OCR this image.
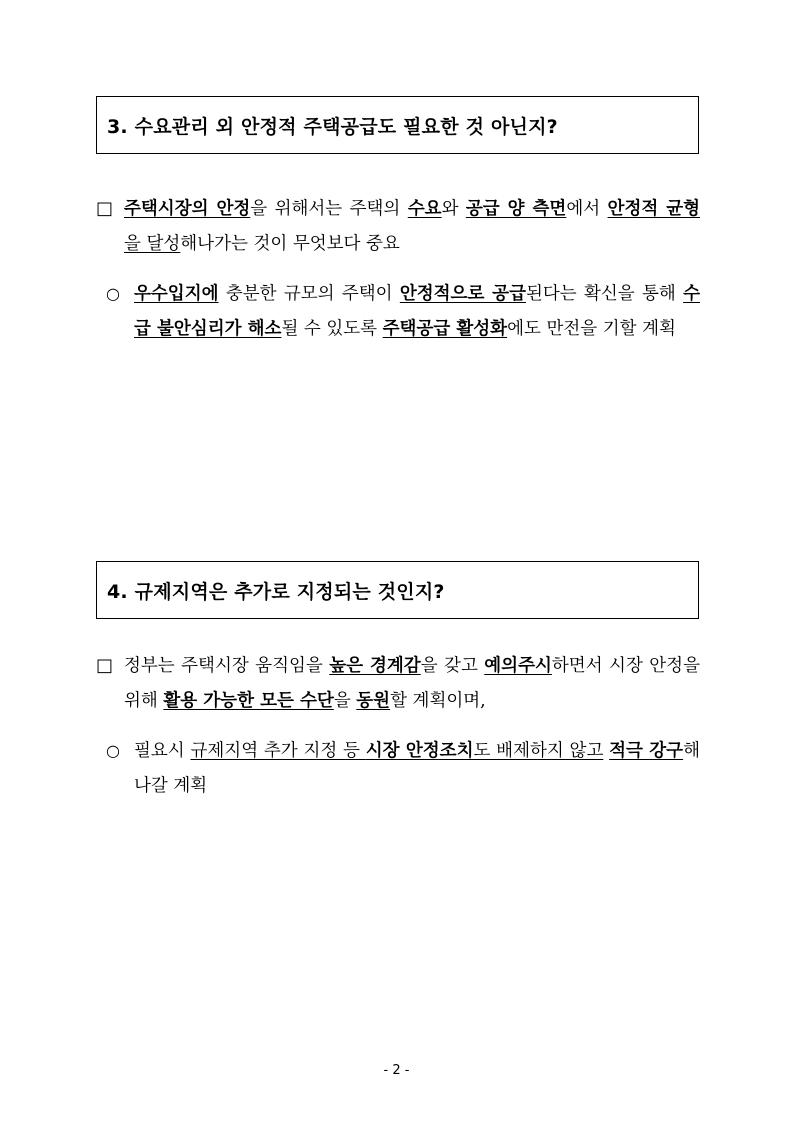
3. 수요관리 외 안정적 주택공급도 필요한 것 아닌지?

□ 주택시장의 안정을 위해서는 주택의 수요와 공급 양 측면에서 안정적 균형을 달성해나가는 것이 무엇보다 중요

○ 우수입지에 충분한 규모의 주택이 안정적으로 공급된다는 확신을 통해 수급 불안심리가 해소될 수 있도록 주택공급 활성화에도 만전을 기할 계획

4. 규제지역은 추가로 지정되는 것인지?

□ 정부는 주택시장 움직임을 높은 경계감을 갖고 예의주시하면서 시장 안정을 위해 활용 가능한 모든 수단을 동원할 계획이며,

○ 필요시 규제지역 추가 지정 등 시장 안정조치도 배제하지 않고 적극 강구해나갈 계획

- 2 -
